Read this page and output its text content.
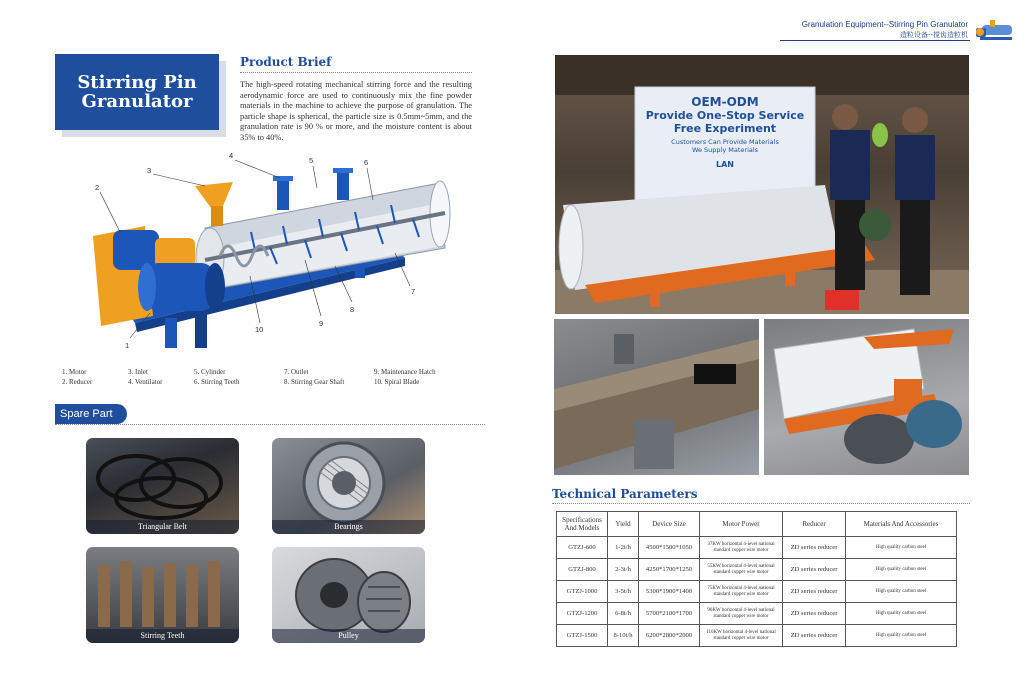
Granulation Equipment--Stirring Pin Granulator
造粒设备--搅齿造粒机
Stirring Pin Granulator
Product Brief
The high-speed rotating mechanical stirring force and the resulting aerodynamic force are used to continuously mix the fine powder materials in the machine to achieve the purpose of granulation. The particle shape is spherical, the particle size is 0.5mm~5mm, and the granulation rate is 90 % or more, and the moisture content is about 35% to 40%.
1
2
3
4
5	6
7
8
9
10
1. Motor	3. Inlet	5. Cylinder	7. Outlet	9. Maintenance Hatch
2. Reducer	4. Ventilator	6. Stirring Teeth	8. Stirring Gear Shaft	10. Spiral Blade
Spare Part
Triangular Belt	Bearings
Stirring Teeth	Pulley
OEM-ODM
Provide One-Stop Service
Free Experiment
Customers Can Provide Materials
We Supply Materials
LAN
Technical Parameters
Specifications And Models	Yield	Device Size	Motor Power	Reducer	Materials And Accessories
GTZJ-600	1-2t/h	4500*1500*1050	37KW horizontal 4-level national standard copper wire motor	ZD series reducer	High quality carbon steel
GTZJ-800	2-3t/h	4250*1700*1250	55KW horizontal 4-level national standard copper wire motor	ZD series reducer	High quality carbon steel
GTZJ-1000	3-5t/h	5300*1900*1400	75KW horizontal 4-level national standard copper wire motor	ZD series reducer	High quality carbon steel
GTZJ-1200	6-8t/h	5700*2100*1700	90KW horizontal 4-level national standard copper wire motor	ZD series reducer	High quality carbon steel
GTZJ-1500	8-10t/h	6200*2800*2000	110KW horizontal 4-level national standard copper wire motor	ZD series reducer	High quality carbon steel
